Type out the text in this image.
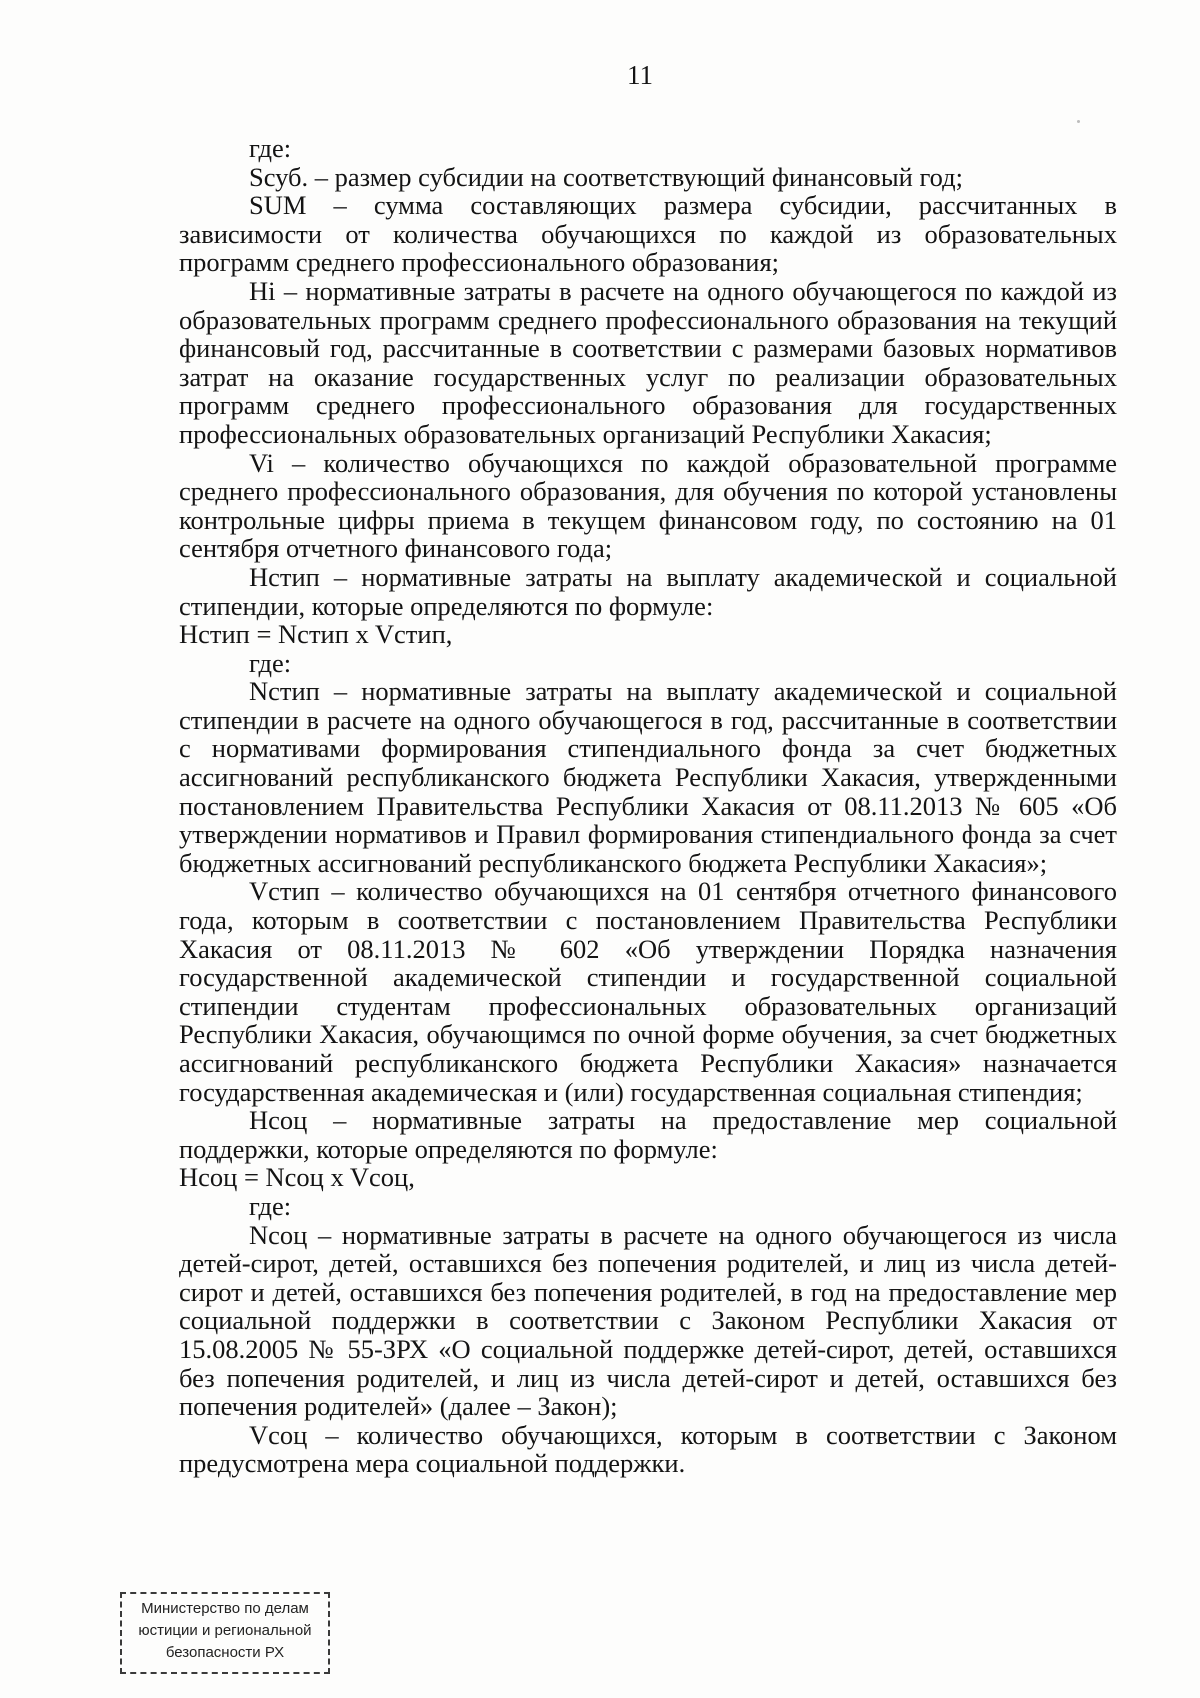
11

где:

Sсуб. – размер субсидии на соответствующий финансовый год;

SUM – сумма составляющих размера субсидии, рассчитанных в зависимости от количества обучающихся по каждой из образовательных программ среднего профессионального образования;

Hi – нормативные затраты в расчете на одного обучающегося по каждой из образовательных программ среднего профессионального образования на текущий финансовый год, рассчитанные в соответствии с размерами базовых нормативов затрат на оказание государственных услуг по реализации образовательных программ среднего профессионального образования для государственных профессиональных образовательных организаций Республики Хакасия;

Vi – количество обучающихся по каждой образовательной программе среднего профессионального образования, для обучения по которой установлены контрольные цифры приема в текущем финансовом году, по состоянию на 01 сентября отчетного финансового года;

Hстип – нормативные затраты на выплату академической и социальной стипендии, которые определяются по формуле:

Hстип = Nстип x Vстип,

где:

Nстип – нормативные затраты на выплату академической и социальной стипендии в расчете на одного обучающегося в год, рассчитанные в соответствии с нормативами формирования стипендиального фонда за счет бюджетных ассигнований республиканского бюджета Республики Хакасия, утвержденными постановлением Правительства Республики Хакасия от 08.11.2013 № 605 «Об утверждении нормативов и Правил формирования стипендиального фонда за счет бюджетных ассигнований республиканского бюджета Республики Хакасия»;

Vстип – количество обучающихся на 01 сентября отчетного финансового года, которым в соответствии с постановлением Правительства Республики Хакасия от 08.11.2013 № 602 «Об утверждении Порядка назначения государственной академической стипендии и государственной социальной стипендии студентам профессиональных образовательных организаций Республики Хакасия, обучающимся по очной форме обучения, за счет бюджетных ассигнований республиканского бюджета Республики Хакасия» назначается государственная академическая и (или) государственная социальная стипендия;

Hсоц – нормативные затраты на предоставление мер социальной поддержки, которые определяются по формуле:

Hсоц = Nсоц x Vсоц,

где:

Nсоц – нормативные затраты в расчете на одного обучающегося из числа детей-сирот, детей, оставшихся без попечения родителей, и лиц из числа детей-сирот и детей, оставшихся без попечения родителей, в год на предоставление мер социальной поддержки в соответствии с Законом Республики Хакасия от 15.08.2005 № 55-ЗРХ «О социальной поддержке детей-сирот, детей, оставшихся без попечения родителей, и лиц из числа детей-сирот и детей, оставшихся без попечения родителей» (далее – Закон);

Vсоц – количество обучающихся, которым в соответствии с Законом предусмотрена мера социальной поддержки.

Министерство по делам
юстиции и региональной
безопасности РХ
